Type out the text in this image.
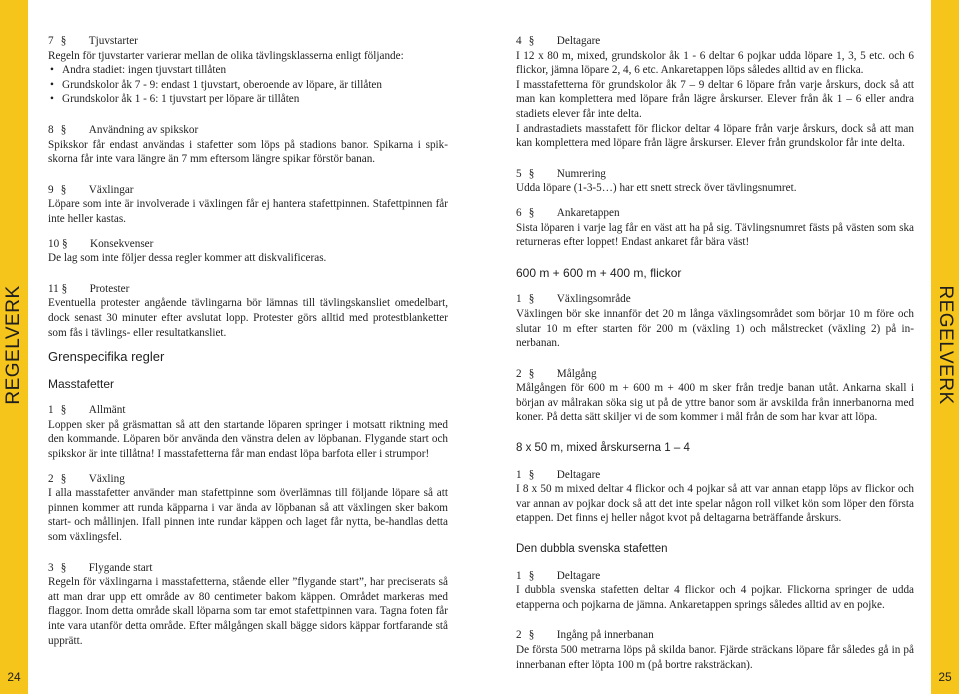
REGELVERK
24
REGELVERK
25
7 § Tjuvstarter

Regeln för tjuvstarter varierar mellan de olika tävlingsklasserna enligt följande:

• Andra stadiet: ingen tjuvstart tillåten
• Grundskolor åk 7 - 9: endast 1 tjuvstart, oberoende av löpare, är tillåten
• Grundskolor åk 1 - 6: 1 tjuvstart per löpare är tillåten
8 § Användning av spikskor

Spikskor får endast användas i stafetter som löps på stadions banor. Spikarna i spik-skorna får inte vara längre än 7 mm eftersom längre spikar förstör banan.

9 § Växlingar

Löpare som inte är involverade i växlingen får ej hantera stafettpinnen. Stafettpinnen får inte heller kastas.

10 § Konsekvenser

De lag som inte följer dessa regler kommer att diskvalificeras.

11 § Protester

Eventuella protester angående tävlingarna bör lämnas till tävlingskansliet omedelbart, dock senast 30 minuter efter avslutat lopp. Protester görs alltid med protestblanketter som fås i tävlings- eller resultatkansliet.

Grenspecifika regler
Masstafetter
1 § Allmänt

Loppen sker på gräsmattan så att den startande löparen springer i motsatt riktning med den kommande. Löparen bör använda den vänstra delen av löpbanan. Flygande start och spikskor är inte tillåtna! I masstafetterna får man endast löpa barfota eller i strumpor!

2 § Växling

I alla masstafetter använder man stafettpinne som överlämnas till följande löpare så att pinnen kommer att runda käpparna i var ända av löpbanan så att växlingen sker bakom start- och mållinjen. Ifall pinnen inte rundar käppen och laget får nytta, be-handlas detta som växlingsfel.

3 § Flygande start

Regeln för växlingarna i masstafetterna, stående eller ”flygande start”, har preciserats så att man drar upp ett område av 80 centimeter bakom käppen. Området markeras med flaggor. Inom detta område skall löparna som tar emot stafettpinnen vara. Tagna foten får inte vara utanför detta område. Efter målgången skall bägge sidors käppar fortfarande stå upprätt.

4 § Deltagare

I 12 x 80 m, mixed, grundskolor åk 1 - 6 deltar 6 pojkar udda löpare 1, 3, 5 etc. och 6 flickor, jämna löpare 2, 4, 6 etc. Ankaretappen löps således alltid av en flicka.

I masstafetterna för grundskolor åk 7 – 9 deltar 6 löpare från varje årskurs, dock så att man kan komplettera med löpare från lägre årskurser. Elever från åk 1 – 6 eller andra stadiets elever får inte delta.

I andrastadiets masstafett för flickor deltar 4 löpare från varje årskurs, dock så att man kan komplettera med löpare från lägre årskurser. Elever från grundskolor får inte delta.

5 § Numrering

Udda löpare (1-3-5…) har ett snett streck över tävlingsnumret.

6 § Ankaretappen

Sista löparen i varje lag får en väst att ha på sig. Tävlingsnumret fästs på västen som ska returneras efter loppet! Endast ankaret får bära väst!

600 m + 600 m + 400 m, flickor
1 § Växlingsområde

Växlingen bör ske innanför det 20 m långa växlingsområdet som börjar 10 m före och slutar 10 m efter starten för 200 m (växling 1) och målstrecket (växling 2) på in-nerbanan.

2 § Målgång

Målgången för 600 m + 600 m + 400 m sker från tredje banan utåt. Ankarna skall i början av målrakan söka sig ut på de yttre banor som är avskilda från innerbanorna med koner. På detta sätt skiljer vi de som kommer i mål från de som har kvar att löpa.

8 x 50 m, mixed årskurserna 1 – 4
1 § Deltagare

I 8 x 50 m mixed deltar 4 flickor och 4 pojkar så att var annan etapp löps av flickor och var annan av pojkar dock så att det inte spelar någon roll vilket kön som löper den första etappen. Det finns ej heller något kvot på deltagarna beträffande årskurs.

Den dubbla svenska stafetten
1 § Deltagare

I dubbla svenska stafetten deltar 4 flickor och 4 pojkar. Flickorna springer de udda etapperna och pojkarna de jämna. Ankaretappen springs således alltid av en pojke.

2 § Ingång på innerbanan

De första 500 metrarna löps på skilda banor. Fjärde sträckans löpare får således gå in på innerbanan efter löpta 100 m (på bortre raksträckan).
